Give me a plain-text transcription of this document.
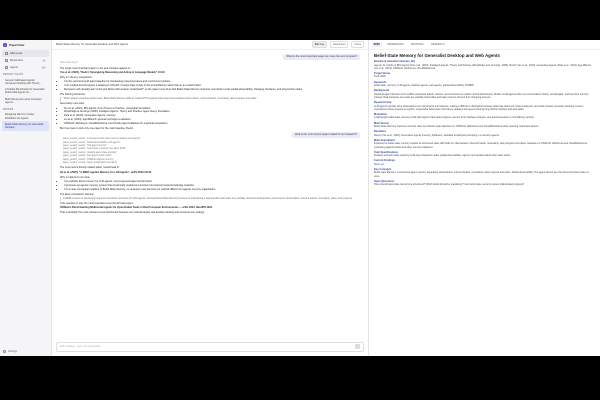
PaperClaw
Add a new
Bookmarks	3
Agents	12
RECENT CHATS
Generic Calibrated Agentic Computer Desktop with Theory...
A Tabular Benchmark for Generalist Multimodal Agents for...
Build Strong Zero-shot Computer Agents...
PAPERS
Designing Memory Cluster Workflows for Agents
Belief-State Memory for Generalist Desktop...
Settings
Belief-State Memory for Generalist Desktop and Web Agents	Bulk Live	Experiment	Focus
What is the most important paper we must cite and compare?
PaperClaw Agent

The single most important paper to cite and compare against is:

Yao et al. (2023), "ReAct: Synergizing Reasoning and Acting in Language Models", ICLR.

Why it is the key comparison:

• It is the canonical LLM agent baseline for interleaving reasoning traces and environment actions.
• Your method directly targets a weakness of ReAct: it keeps state mostly in the prompt/history rather than in an explicit belief.
• Reviewers will naturally ask "is this just ReAct with a better scratchpad?" so the paper must show that Belief-State Memory improves over ReAct under partial observability, changing interfaces, and long-horizon tasks.

The framing should be:

"ReAct grants reasoning-action loops; Belief-State Memory adds an explicit POV-inspired state layer that separates observations, inferred beliefs, uncertainty, task progress, and plans."

Secondary must-cites:

• Sun et al. (2023), BIS Agents: From Theory to Practice: conceptual foundation.
• Wooldridge & Jennings (1995), Intelligent Agents: Theory and Practice: agent theory foundation.
• Park et al. (2023), Generative Agents: memory.
• Liu et al. (2023), AgentBench: general LLM agent evaluation.
• OSWorld, WebArena, VisualWebArena: benchmark papers/datasets for empirical comparison.

But if we have to pick only one paper for the main baseline: ReAct.

what is the most recent paper related to our research?
paper_search_results: "LLM agent belief state memory desktop web agents"
paper_search_results: "partial observability LLM agents"
paper_search_results: "GUI agent memory"
paper_search_results: "belief state computer use agent 2025"
paper_search_results: "desktop agent state tracking"
paper_search_results: "web agent world model"
paper_search_results: "OSWorld agents memory"
paper_search_results: "agent scratchpad uncertainty"

The most recent directly related paper I would lead is:

Hu et al. (2025), "A-MEM: Agentic Memory for LLM Agents", arXiv:2502.12110.

Why it matters for our idea:

• It is explicitly about memory for LLM agents, not just general agent benchmarks.
• It proposes an agentic memory system that dynamically organizes memories into interconnected knowledge networks.
• It is a clear conceptual neighbor to Belief-State Memory, so reviewers may ask how our method differs from agentic memory organization.

The likely comparison framing:

A-MEM focuses on structuring long-term interaction memories for LLM agents, whereas Belief-State Memory focuses on maintaining a task-specific belief state over partially observed desktop/web environments: observations, inferred beliefs, uncertainty, plans, and progress.

If the question is only the most important recent benchmark paper:

OSWorld: Benchmarking Multimodal Agents for Open-Ended Tasks in Real Computer Environments — arXiv 2024, NeurIPS 2024.

That is probably the most relevant recent benchmark because our method targets real desktop tracking and computer-use settings.

Ask anything... Type / for commands
SPEC	REFERENCES	PROPOSAL	RESEARCH
Belief-State Memory for Generalist Desktop and Web Agents
Domain & Literature (domain_kb)
Agents, AI, builds on BIS Agents (Sun et al., 2023); Intelligent Agents: Theory and Practice (Wooldridge and Jennings, 1995); ReAct (Yao et al., 2023); Generative Agents (Park et al., 2023); AgentBench (Liu et al., 2023); OSWorld, WebArena, VisualWebArena.
Target Venue
ICLR 2026
Keywords
belief state, memory, LLM agents, desktop agents, web agents, partial observability, POMDP
Background
Classical agent theories such as BDI emphasize beliefs, desires, and intentions as explicit control abstractions. Modern LLM agents often use conversation history, scratchpads, and free-form memory instead. Real computer-use tasks are partially observable and state must be inferred from changing screens.
Research Gap
LLM agents typically store observations as unstructured text histories, making it difficult to distinguish between what was observed, what is believed, and what remains uncertain. Existing memory mechanisms rarely expose an explicit, inspectable belief state that can be updated and queried during long-horizon desktop and web tasks.
Motivation
A lightweight belief-state memory could help agents track task progress, recover from interface changes, and avoid repeated or contradictory actions.
Main Result
Belief-State Memory improves success rates over ReAct-style baselines on OSWorld, WebArena and VisualWebArena while reducing redundant actions.
Baselines
ReAct (Yao et al., 2023); Generative Agents memory; Reflexion; standard scratchpad prompting; no-memory agents.
Main Experiment
Implement a belief-state memory module as structured state with fields for observations, inferred beliefs, uncertainty, task progress and plans. Evaluate on OSWorld, WebArena and VisualWebArena, comparing against ReAct and other memory baselines.
Task Specifications
Desktop and web tasks requiring multi-step interaction under partial observability; agents must update beliefs after each action.
Current Findings
None yet.
Key Concepts
Belief-state Memory: A structured agent memory separating observations, inferred beliefs, uncertainty, task progress and plans. Partial observability: The agent cannot see the full environment state at once.
Open Questions
How should belief-state memory be structured? Which fields should be mandatory? Can belief-state memory reduce hallucinated progress?
